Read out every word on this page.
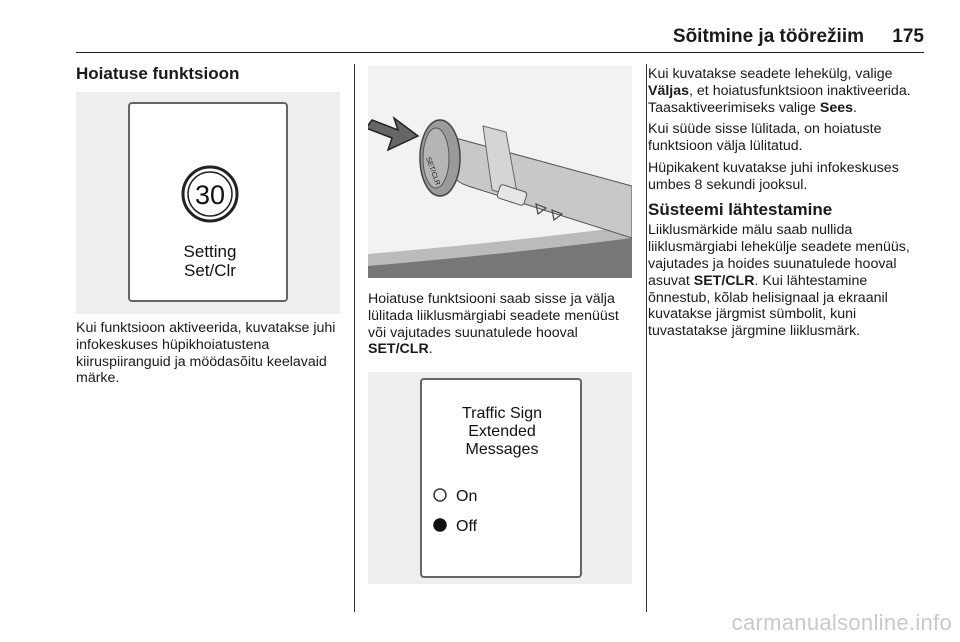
Sõitmine ja töörežiim 175
Hoiatuse funktsioon
30
Setting
Set/Clr

Kui funktsioon aktiveerida, kuvatakse juhi infokeskuses hüpikhoiatustena kiiruspiiranguid ja möödasõitu keelavaid märke.

SET/CLR

Hoiatuse funktsiooni saab sisse ja välja lülitada liiklusmärgiabi seadete menüüst või vajutades suunatulede hooval SET/CLR.

Traffic Sign
Extended
Messages
On
Off

Kui kuvatakse seadete lehekülg, valige Väljas, et hoiatusfunktsioon inaktiveerida. Taasaktiveerimiseks valige Sees.

Kui süüde sisse lülitada, on hoiatuste funktsioon välja lülitatud.

Hüpikakent kuvatakse juhi infokeskuses umbes 8 sekundi jooksul.

Süsteemi lähtestamine

Liiklusmärkide mälu saab nullida liiklusmärgiabi lehekülje seadete menüüs, vajutades ja hoides suunatulede hooval asuvat SET/CLR. Kui lähtestamine õnnestub, kõlab helisignaal ja ekraanil kuvatakse järgmist sümbolit, kuni tuvastatakse järgmine liiklusmärk.

carmanualsonline.info
